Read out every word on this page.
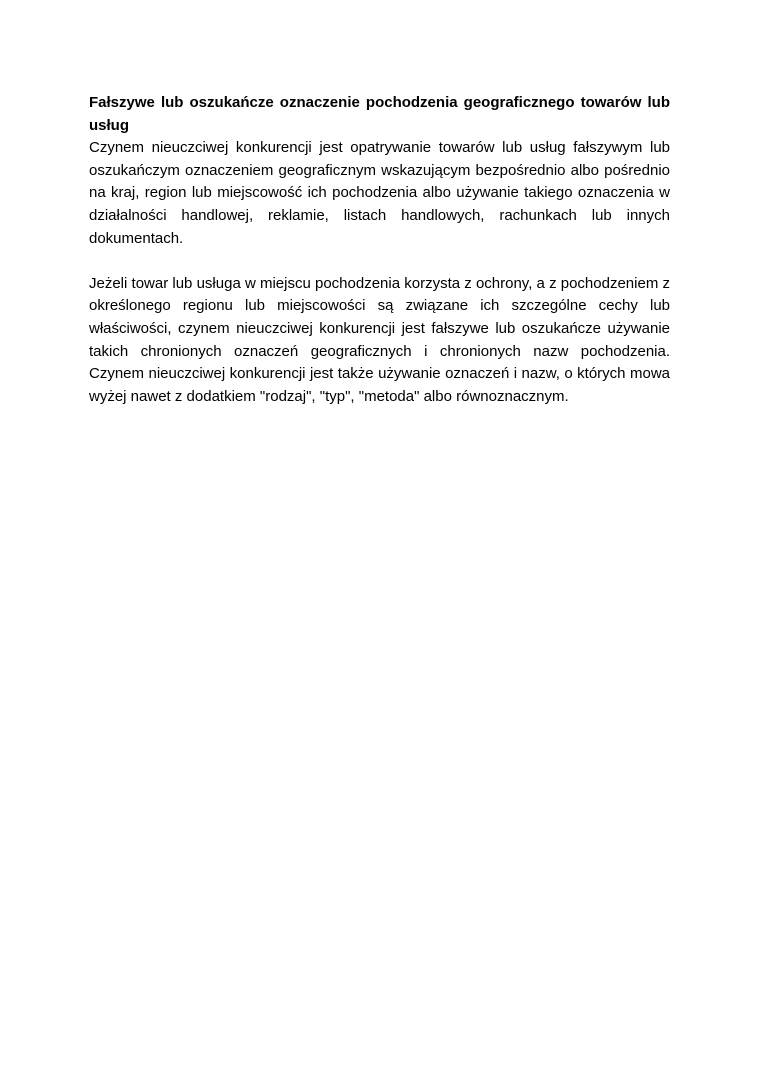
Fałszywe lub oszukańcze oznaczenie pochodzenia geograficznego towarów lub usług

Czynem nieuczciwej konkurencji jest opatrywanie towarów lub usług fałszywym lub oszukańczym oznaczeniem geograficznym wskazującym bezpośrednio albo pośrednio na kraj, region lub miejscowość ich pochodzenia albo używanie takiego oznaczenia w działalności handlowej, reklamie, listach handlowych, rachunkach lub innych dokumentach.

Jeżeli towar lub usługa w miejscu pochodzenia korzysta z ochrony, a z pochodzeniem z określonego regionu lub miejscowości są związane ich szczególne cechy lub właściwości, czynem nieuczciwej konkurencji jest fałszywe lub oszukańcze używanie takich chronionych oznaczeń geograficznych i chronionych nazw pochodzenia. Czynem nieuczciwej konkurencji jest także używanie oznaczeń i nazw, o których mowa wyżej nawet z dodatkiem "rodzaj", "typ", "metoda" albo równoznacznym.
